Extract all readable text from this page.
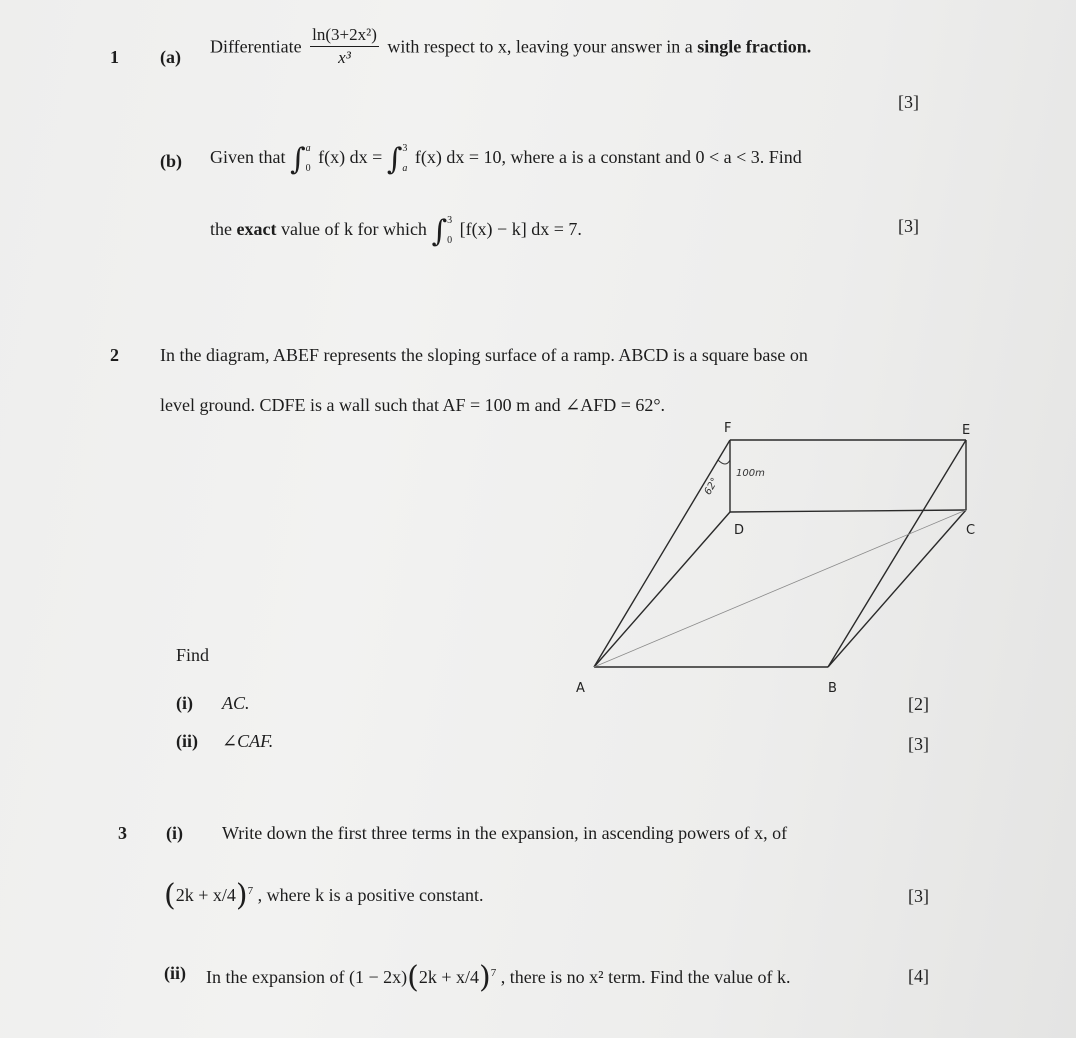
1 (a)
Differentiate $\frac{\text{ln(3+2x²)}}{\text{x³}}$ with respect to x, leaving your answer in a single fraction.
[3]
(b) Given that ∫ a
0
f(x) dx = ∫ 3
a
f(x) dx = 10, where a is a constant and 0 < a < 3. Find
the exact value of k for which ∫ 3
0
[f(x) − k] dx = 7.	[3]
2 In the diagram, ABEF represents the sloping surface of a ramp. ABCD is a square base on
level ground. CDFE is a wall such that AF = 100 m and ∠AFD = 62°.
F	E
D	C
A	B
100m
62°
Find
(i) AC.	[2]
(ii) ∠CAF.	[3]
3 (i) Write down the first three terms in the expansion, in ascending powers of x, of
$(2k + x/4)^7$ , where k is a positive constant.	[3]
(ii) In the expansion of $(1 - 2x)(2k + x/4)^7$ , there is no x² term. Find the value of k.	[4]
